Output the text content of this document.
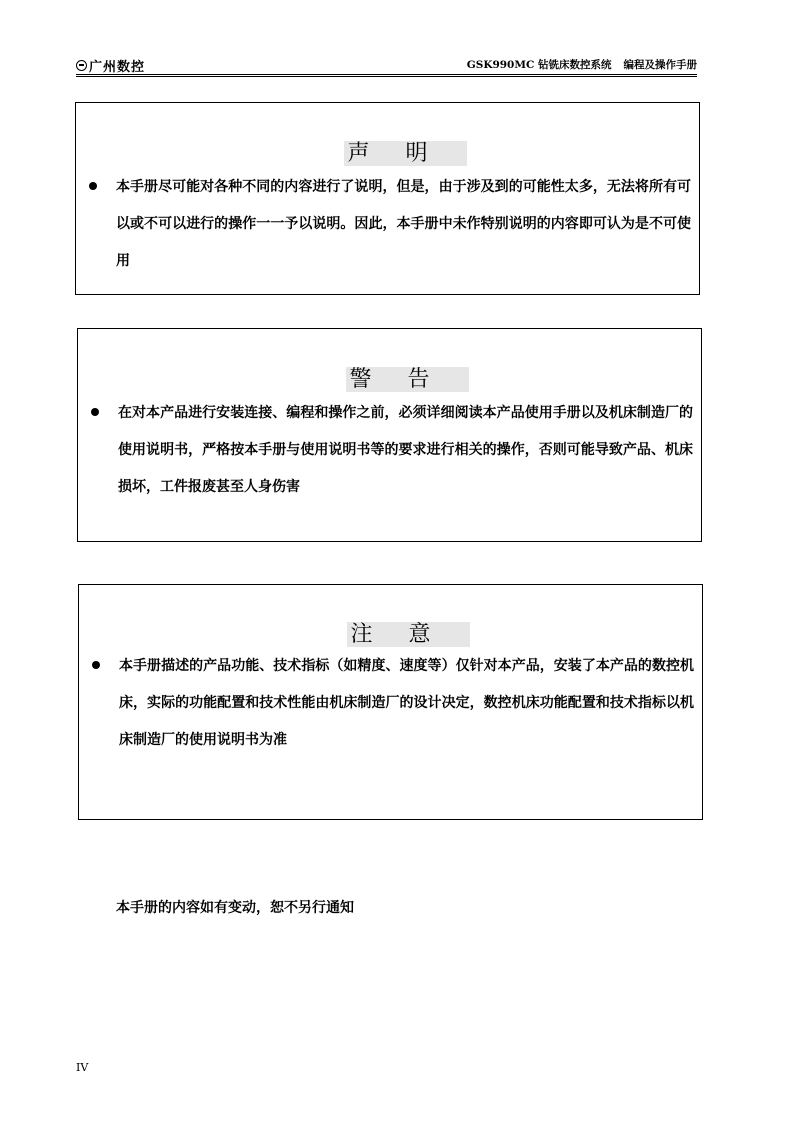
广州数控	GSK990MC 钻铣床数控系统 编程及操作手册
声明
本手册尽可能对各种不同的内容进行了说明，但是，由于涉及到的可能性太多，无法将所有可以或不可以进行的操作一一予以说明。因此，本手册中未作特别说明的内容即可认为是不可使用
警告
在对本产品进行安装连接、编程和操作之前，必须详细阅读本产品使用手册以及机床制造厂的使用说明书，严格按本手册与使用说明书等的要求进行相关的操作，否则可能导致产品、机床损坏，工件报废甚至人身伤害
注意
本手册描述的产品功能、技术指标（如精度、速度等）仅针对本产品，安装了本产品的数控机床，实际的功能配置和技术性能由机床制造厂的设计决定，数控机床功能配置和技术指标以机床制造厂的使用说明书为准
本手册的内容如有变动，恕不另行通知
IV
